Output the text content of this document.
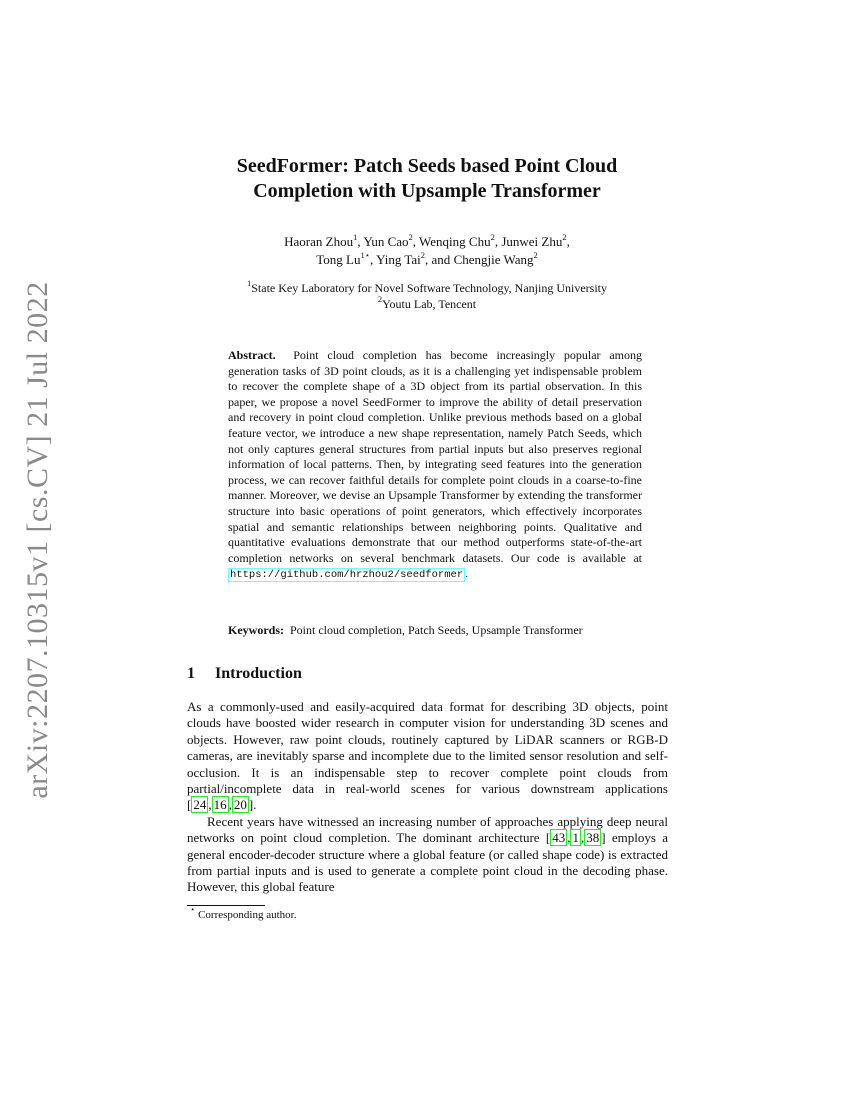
arXiv:2207.10315v1 [cs.CV] 21 Jul 2022
SeedFormer: Patch Seeds based Point Cloud
Completion with Upsample Transformer
Haoran Zhou$^1$, Yun Cao$^2$, Wenqing Chu$^2$, Junwei Zhu$^2$,
Tong $Lu^{1⋆}$, Ying Tai$^2$, and Chengjie Wang$^2$
$^1$State Key Laboratory for Novel Software Technology, Nanjing University
$^2$Youtu Lab, Tencent
Abstract. Point cloud completion has become increasingly popular among generation tasks of 3D point clouds, as it is a challenging yet indispensable problem to recover the complete shape of a 3D object from its partial observation. In this paper, we propose a novel SeedFormer to improve the ability of detail preservation and recovery in point cloud completion. Unlike previous methods based on a global feature vector, we introduce a new shape representation, namely Patch Seeds, which not only captures general structures from partial inputs but also preserves regional information of local patterns. Then, by integrating seed features into the generation process, we can recover faithful details for complete point clouds in a coarse-to-fine manner. Moreover, we devise an Upsample Transformer by extending the transformer structure into basic operations of point generators, which effectively incorporates spatial and semantic relationships between neighboring points. Qualitative and quantitative evaluations demonstrate that our method outperforms state-of-the-art completion networks on several benchmark datasets. Our code is available at https://github.com/hrzhou2/seedformer .
Keywords: Point cloud completion, Patch Seeds, Upsample Transformer
1 Introduction

As a commonly-used and easily-acquired data format for describing 3D objects, point clouds have boosted wider research in computer vision for understanding 3D scenes and objects. However, raw point clouds, routinely captured by LiDAR scanners or RGB-D cameras, are inevitably sparse and incomplete due to the limited sensor resolution and self-occlusion. It is an indispensable step to recover complete point clouds from partial/incomplete data in real-world scenes for various downstream applications [ 24 , 16 , 20 ].

Recent years have witnessed an increasing number of approaches applying deep neural networks on point cloud completion. The dominant architecture [ 43 , 1 , 38 ] employs a general encoder-decoder structure where a global feature (or called shape code) is extracted from partial inputs and is used to generate a complete point cloud in the decoding phase. However, this global feature

⋆ Corresponding author.
